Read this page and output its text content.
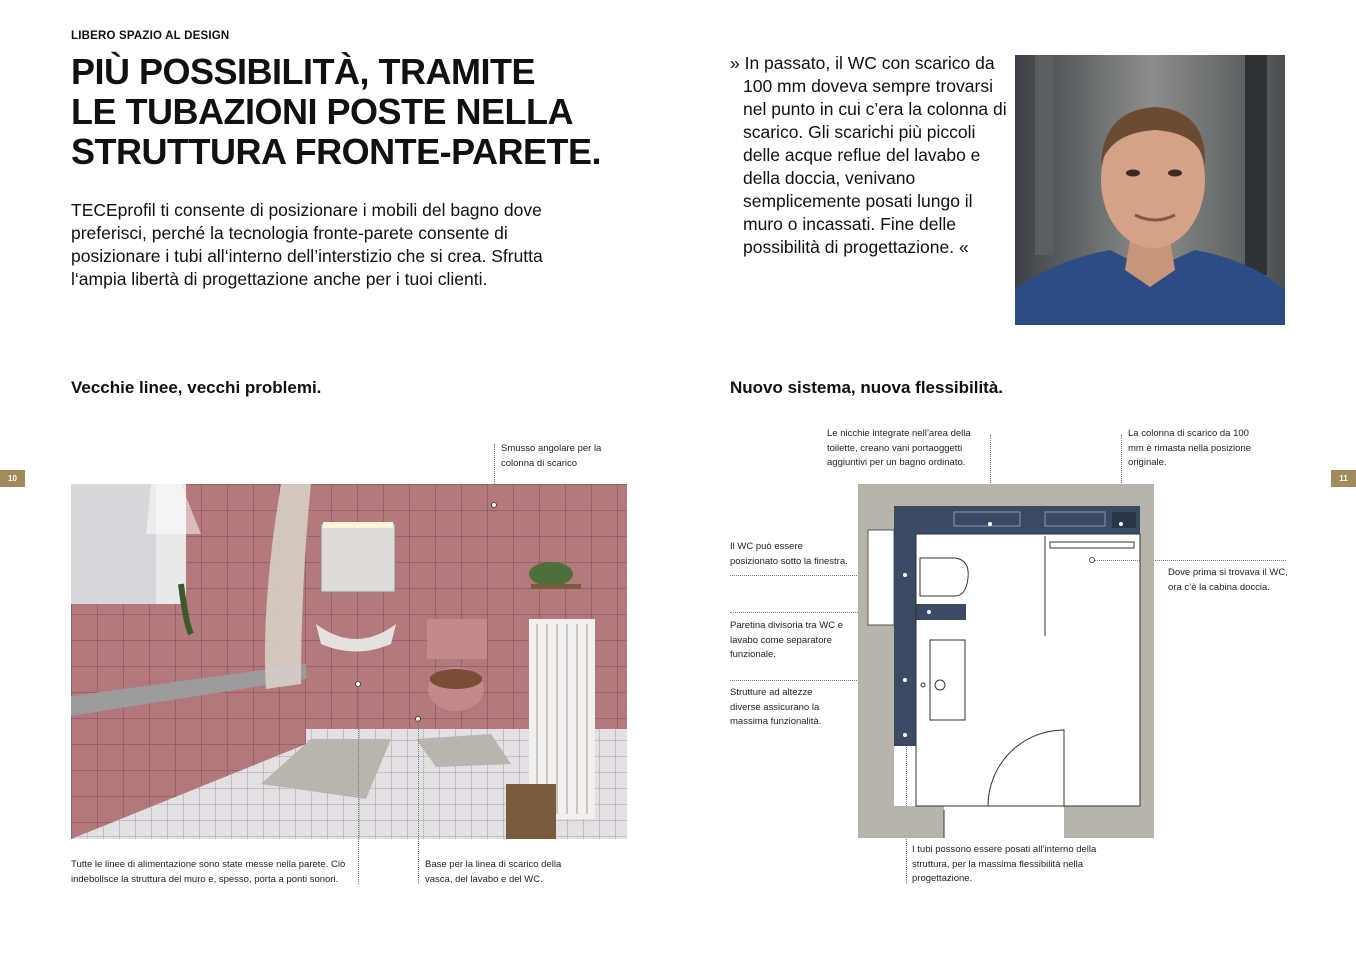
LIBERO SPAZIO AL DESIGN
PIÙ POSSIBILITÀ, TRAMITE
LE TUBAZIONI POSTE NELLA
STRUTTURA FRONTE-PARETE.

TECEprofil ti consente di posizionare i mobili del bagno dove preferisci, perché la tecnologia fronte-parete consente di posizionare i tubi all‘interno dell’interstizio che si crea. Sfrutta l‘ampia libertà di progettazione anche per i tuoi clienti.

» In passato, il WC con scarico da 100 mm doveva sempre trovarsi nel punto in cui c’era la colonna di scarico. Gli scarichi più piccoli delle acque reflue del lavabo e della doccia, venivano semplicemente posati lungo il muro o incassati. Fine delle possibilità di progettazione. «

Vecchie linee, vecchi problemi.	Nuovo sistema, nuova flessibilità.
10	11

Smusso angolare per la colonna di scarico

Tutte le linee di alimentazione sono state messe nella parete. Ciò indebolisce la struttura del muro e, spesso, porta a ponti sonori.

Base per la linea di scarico della vasca, del lavabo e del WC.

Le nicchie integrate nell’area della toilette, creano vani portaoggetti aggiuntivi per un bagno ordinato.

La colonna di scarico da 100 mm è rimasta nella posizione originale.

Il WC può essere posizionato sotto la finestra.

Dove prima si trovava il WC, ora c’è la cabina doccia.

Paretina divisoria tra WC e lavabo come separatore funzionale.

Strutture ad altezze diverse assicurano la massima funzionalità.

I tubi possono essere posati all’interno della struttura, per la massima flessibilità nella progettazione.
